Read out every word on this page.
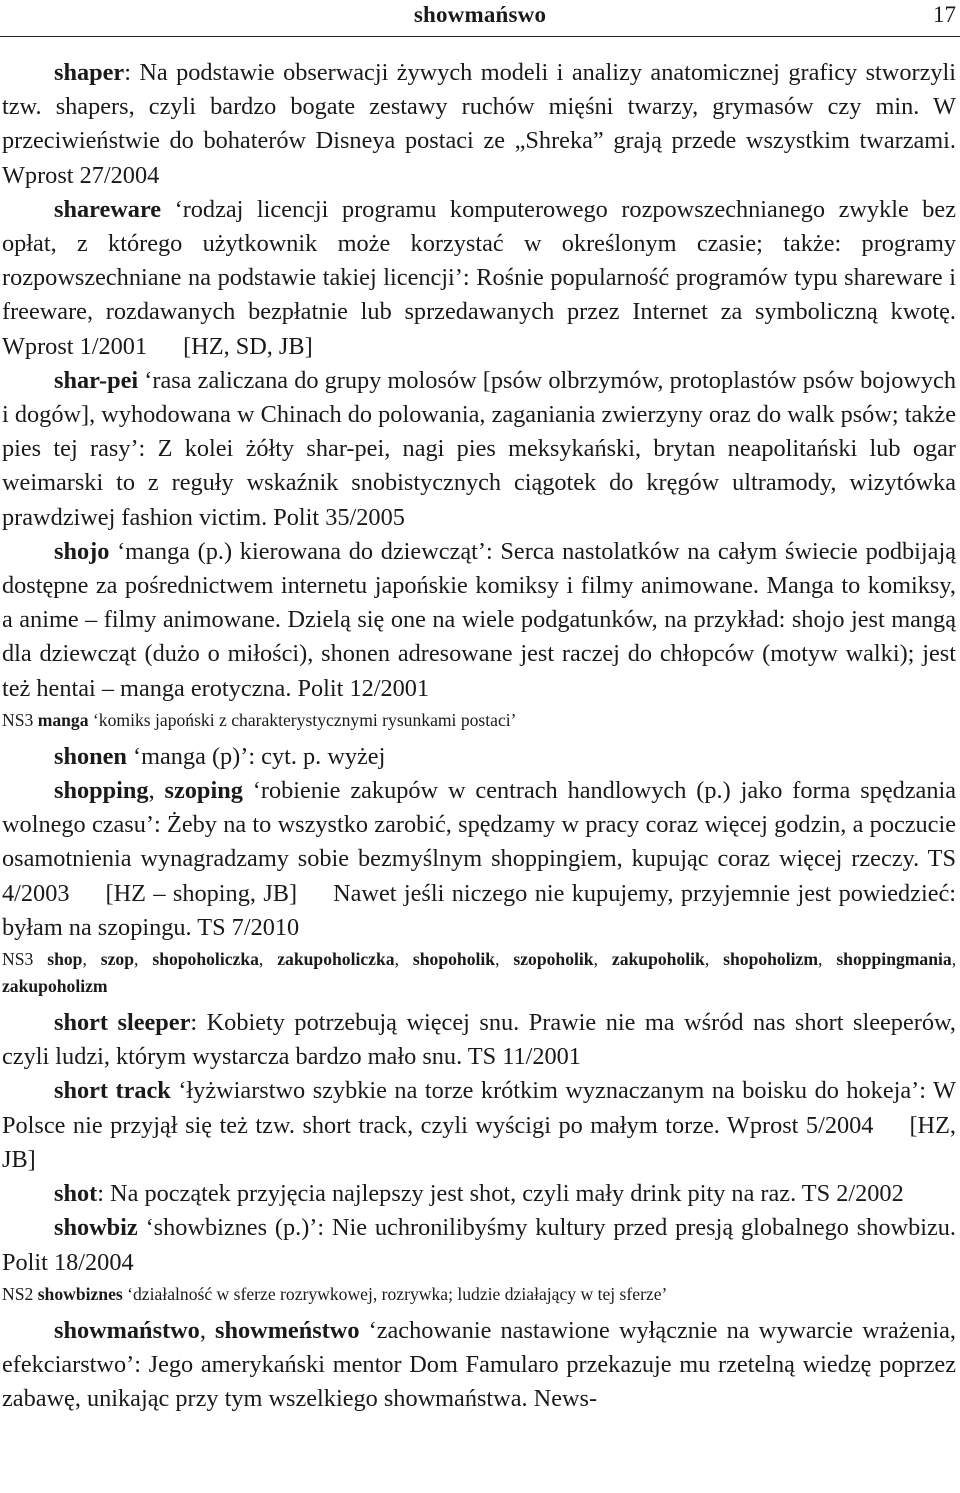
showmańswo	17

shaper: Na podstawie obserwacji żywych modeli i analizy anatomicznej graficy stworzyli tzw. shapers, czyli bardzo bogate zestawy ruchów mięśni twarzy, grymasów czy min. W przeciwieństwie do bohaterów Disneya postaci ze „Shreka” grają przede wszystkim twarzami. Wprost 27/2004

shareware ‘rodzaj licencji programu komputerowego rozpowszechnianego zwykle bez opłat, z którego użytkownik może korzystać w określonym czasie; także: programy rozpowszechniane na podstawie takiej licencji’: Rośnie popularność programów typu shareware i freeware, rozdawanych bezpłatnie lub sprzedawanych przez Internet za symboliczną kwotę. Wprost 1/2001 [HZ, SD, JB]

shar-pei ‘rasa zaliczana do grupy molosów [psów olbrzymów, protoplastów psów bojowych i dogów], wyhodowana w Chinach do polowania, zaganiania zwierzyny oraz do walk psów; także pies tej rasy’: Z kolei żółty shar-pei, nagi pies meksykański, brytan neapolitański lub ogar weimarski to z reguły wskaźnik snobistycznych ciągotek do kręgów ultramody, wizytówka prawdziwej fashion victim. Polit 35/2005

shojo ‘manga (p.) kierowana do dziewcząt’: Serca nastolatków na całym świecie podbijają dostępne za pośrednictwem internetu japońskie komiksy i filmy animowane. Manga to komiksy, a anime – filmy animowane. Dzielą się one na wiele podgatunków, na przykład: shojo jest mangą dla dziewcząt (dużo o miłości), shonen adresowane jest raczej do chłopców (motyw walki); jest też hentai – manga erotyczna. Polit 12/2001

NS3 manga ‘komiks japoński z charakterystycznymi rysunkami postaci’

shonen ‘manga (p)’: cyt. p. wyżej

shopping, szoping ‘robienie zakupów w centrach handlowych (p.) jako forma spędzania wolnego czasu’: Żeby na to wszystko zarobić, spędzamy w pracy coraz więcej godzin, a poczucie osamotnienia wynagradzamy sobie bezmyślnym shoppingiem, kupując coraz więcej rzeczy. TS 4/2003 [HZ – shoping, JB] Nawet jeśli niczego nie kupujemy, przyjemnie jest powiedzieć: byłam na szopingu. TS 7/2010

NS3 shop, szop, shopoholiczka, zakupoholiczka, shopoholik, szopoholik, zakupoholik, shopoholizm, shoppingmania, zakupoholizm

short sleeper: Kobiety potrzebują więcej snu. Prawie nie ma wśród nas short sleeperów, czyli ludzi, którym wystarcza bardzo mało snu. TS 11/2001

short track ‘łyżwiarstwo szybkie na torze krótkim wyznaczanym na boisku do hokeja’: W Polsce nie przyjął się też tzw. short track, czyli wyścigi po małym torze. Wprost 5/2004 [HZ, JB]

shot: Na początek przyjęcia najlepszy jest shot, czyli mały drink pity na raz. TS 2/2002

showbiz ‘showbiznes (p.)’: Nie uchronilibyśmy kultury przed presją globalnego showbizu. Polit 18/2004

NS2 showbiznes ‘działalność w sferze rozrywkowej, rozrywka; ludzie działający w tej sferze’

showmaństwo, showmeństwo ‘zachowanie nastawione wyłącznie na wywarcie wrażenia, efekciarstwo’: Jego amerykański mentor Dom Famularo przekazuje mu rzetelną wiedzę poprzez zabawę, unikając przy tym wszelkiego showmaństwa. News-
